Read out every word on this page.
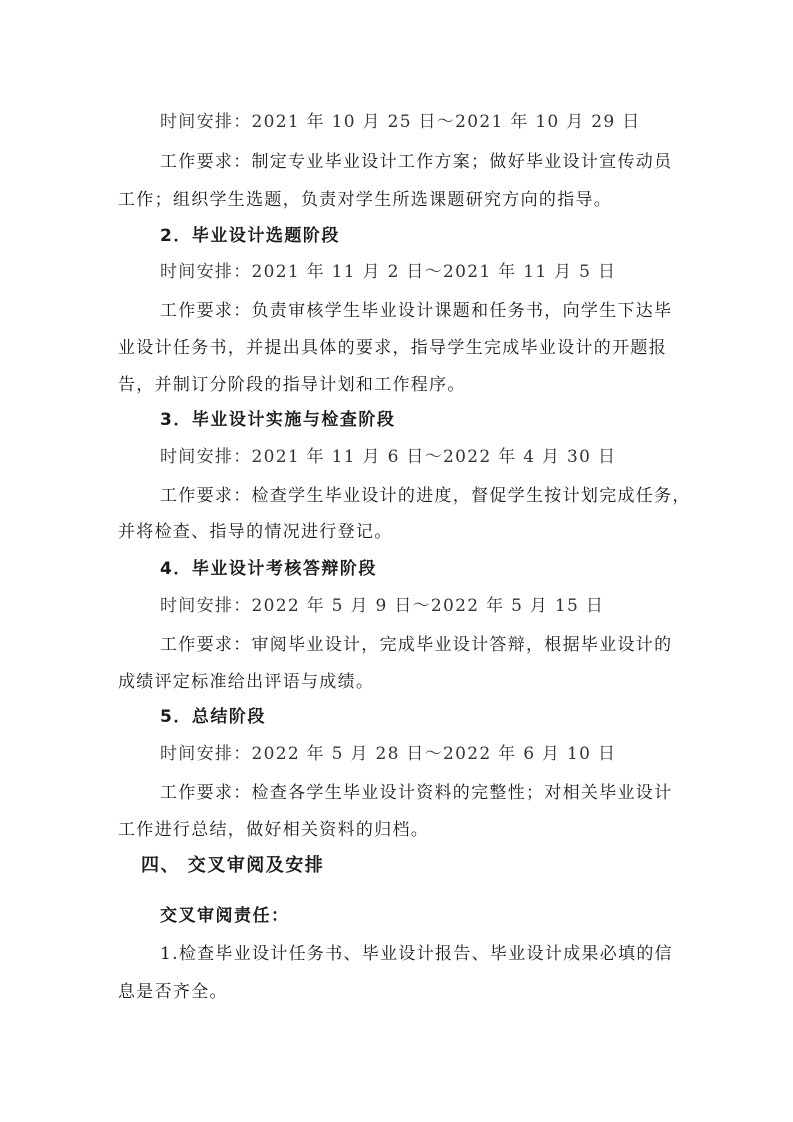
时间安排：2021 年 10 月 25 日～2021 年 10 月 29 日
工作要求：制定专业毕业设计工作方案；做好毕业设计宣传动员
工作；组织学生选题，负责对学生所选课题研究方向的指导。
2．毕业设计选题阶段
时间安排：2021 年 11 月 2 日～2021 年 11 月 5 日
工作要求：负责审核学生毕业设计课题和任务书，向学生下达毕
业设计任务书，并提出具体的要求，指导学生完成毕业设计的开题报
告，并制订分阶段的指导计划和工作程序。
3．毕业设计实施与检查阶段
时间安排：2021 年 11 月 6 日～2022 年 4 月 30 日
工作要求：检查学生毕业设计的进度，督促学生按计划完成任务，
并将检查、指导的情况进行登记。
4．毕业设计考核答辩阶段
时间安排：2022 年 5 月 9 日～2022 年 5 月 15 日
工作要求：审阅毕业设计，完成毕业设计答辩，根据毕业设计的
成绩评定标准给出评语与成绩。
5．总结阶段
时间安排：2022 年 5 月 28 日～2022 年 6 月 10 日
工作要求：检查各学生毕业设计资料的完整性；对相关毕业设计
工作进行总结，做好相关资料的归档。
四、 交叉审阅及安排
交叉审阅责任：
1.检查毕业设计任务书、毕业设计报告、毕业设计成果必填的信
息是否齐全。
